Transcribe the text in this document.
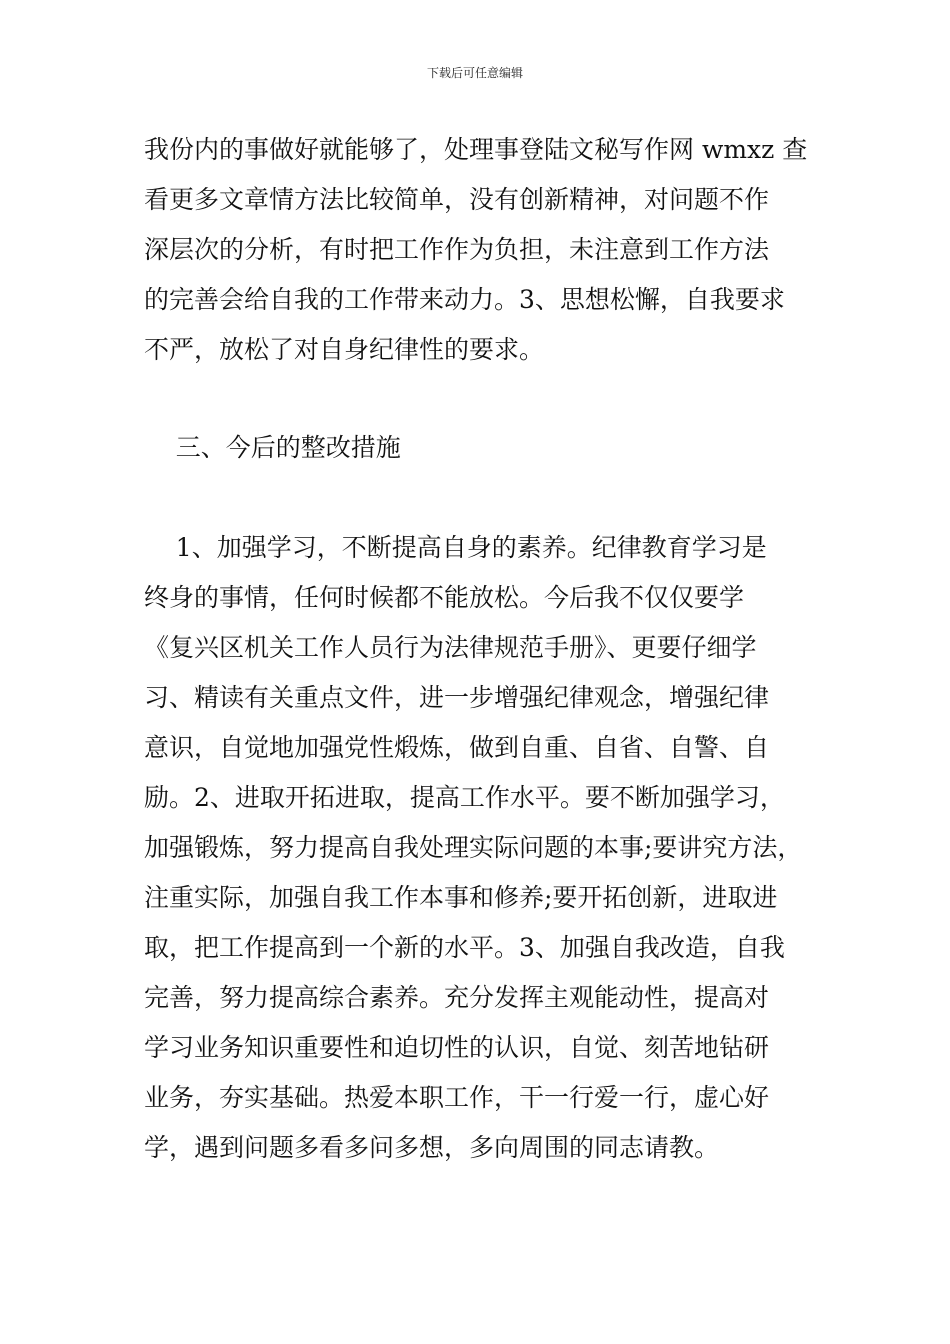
下载后可任意编辑
我份内的事做好就能够了，处理事登陆文秘写作网 wmxz 查
看更多文章情方法比较简单，没有创新精神，对问题不作
深层次的分析，有时把工作作为负担，未注意到工作方法
的完善会给自我的工作带来动力。3、思想松懈，自我要求
不严，放松了对自身纪律性的要求。
三、今后的整改措施
1、加强学习，不断提高自身的素养。纪律教育学习是
终身的事情，任何时候都不能放松。今后我不仅仅要学
《复兴区机关工作人员行为法律规范手册》、更要仔细学
习、精读有关重点文件，进一步增强纪律观念，增强纪律
意识，自觉地加强党性煅炼，做到自重、自省、自警、自
励。2、进取开拓进取，提高工作水平。要不断加强学习，
加强锻炼，努力提高自我处理实际问题的本事;要讲究方法，
注重实际，加强自我工作本事和修养;要开拓创新，进取进
取，把工作提高到一个新的水平。3、加强自我改造，自我
完善，努力提高综合素养。充分发挥主观能动性，提高对
学习业务知识重要性和迫切性的认识，自觉、刻苦地钻研
业务，夯实基础。热爱本职工作，干一行爱一行，虚心好
学，遇到问题多看多问多想，多向周围的同志请教。
